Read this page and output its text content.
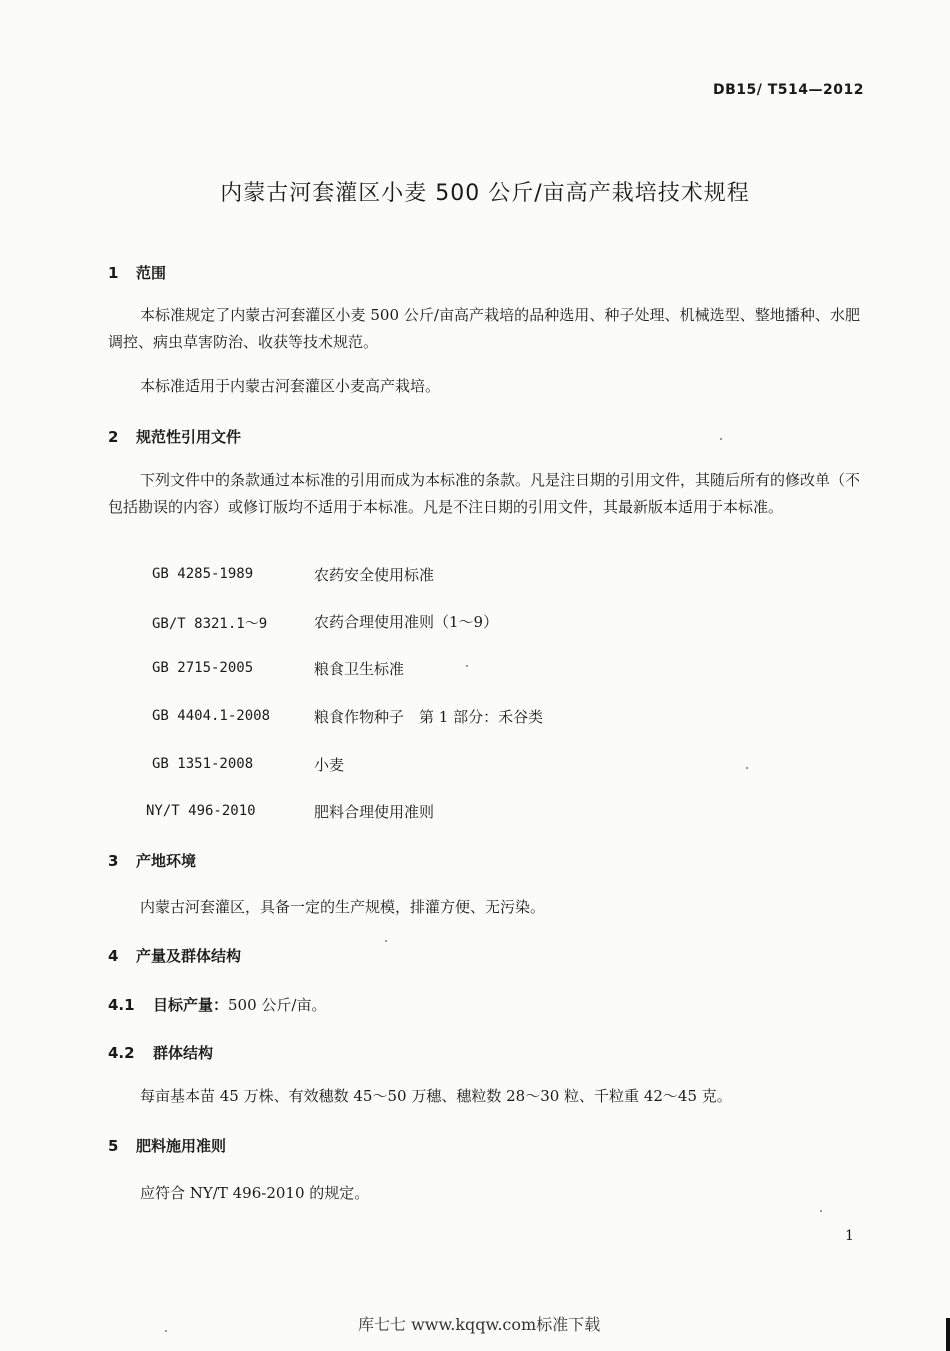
DB15/ T514—2012
内蒙古河套灌区小麦 500 公斤/亩高产栽培技术规程
1 范围
本标准规定了内蒙古河套灌区小麦 500 公斤/亩高产栽培的品种选用、种子处理、机械选型、整地播种、水肥调控、病虫草害防治、收获等技术规范。
本标准适用于内蒙古河套灌区小麦高产栽培。
2 规范性引用文件
下列文件中的条款通过本标准的引用而成为本标准的条款。凡是注日期的引用文件，其随后所有的修改单（不包括勘误的内容）或修订版均不适用于本标准。凡是不注日期的引用文件，其最新版本适用于本标准。
GB 4285-1989	农药安全使用标准
GB/T 8321.1～9	农药合理使用准则（1～9）
GB 2715-2005	粮食卫生标准
GB 4404.1-2008	粮食作物种子　第 1 部分：禾谷类
GB 1351-2008	小麦
NY/T 496-2010	肥料合理使用准则
3 产地环境
内蒙古河套灌区，具备一定的生产规模，排灌方便、无污染。
4 产量及群体结构
4.1 目标产量：500 公斤/亩。
4.2 群体结构
每亩基本苗 45 万株、有效穗数 45～50 万穗、穗粒数 28～30 粒、千粒重 42～45 克。
5 肥料施用准则
应符合 NY/T 496-2010 的规定。
1
库七七 www.kqqw.com标准下载
